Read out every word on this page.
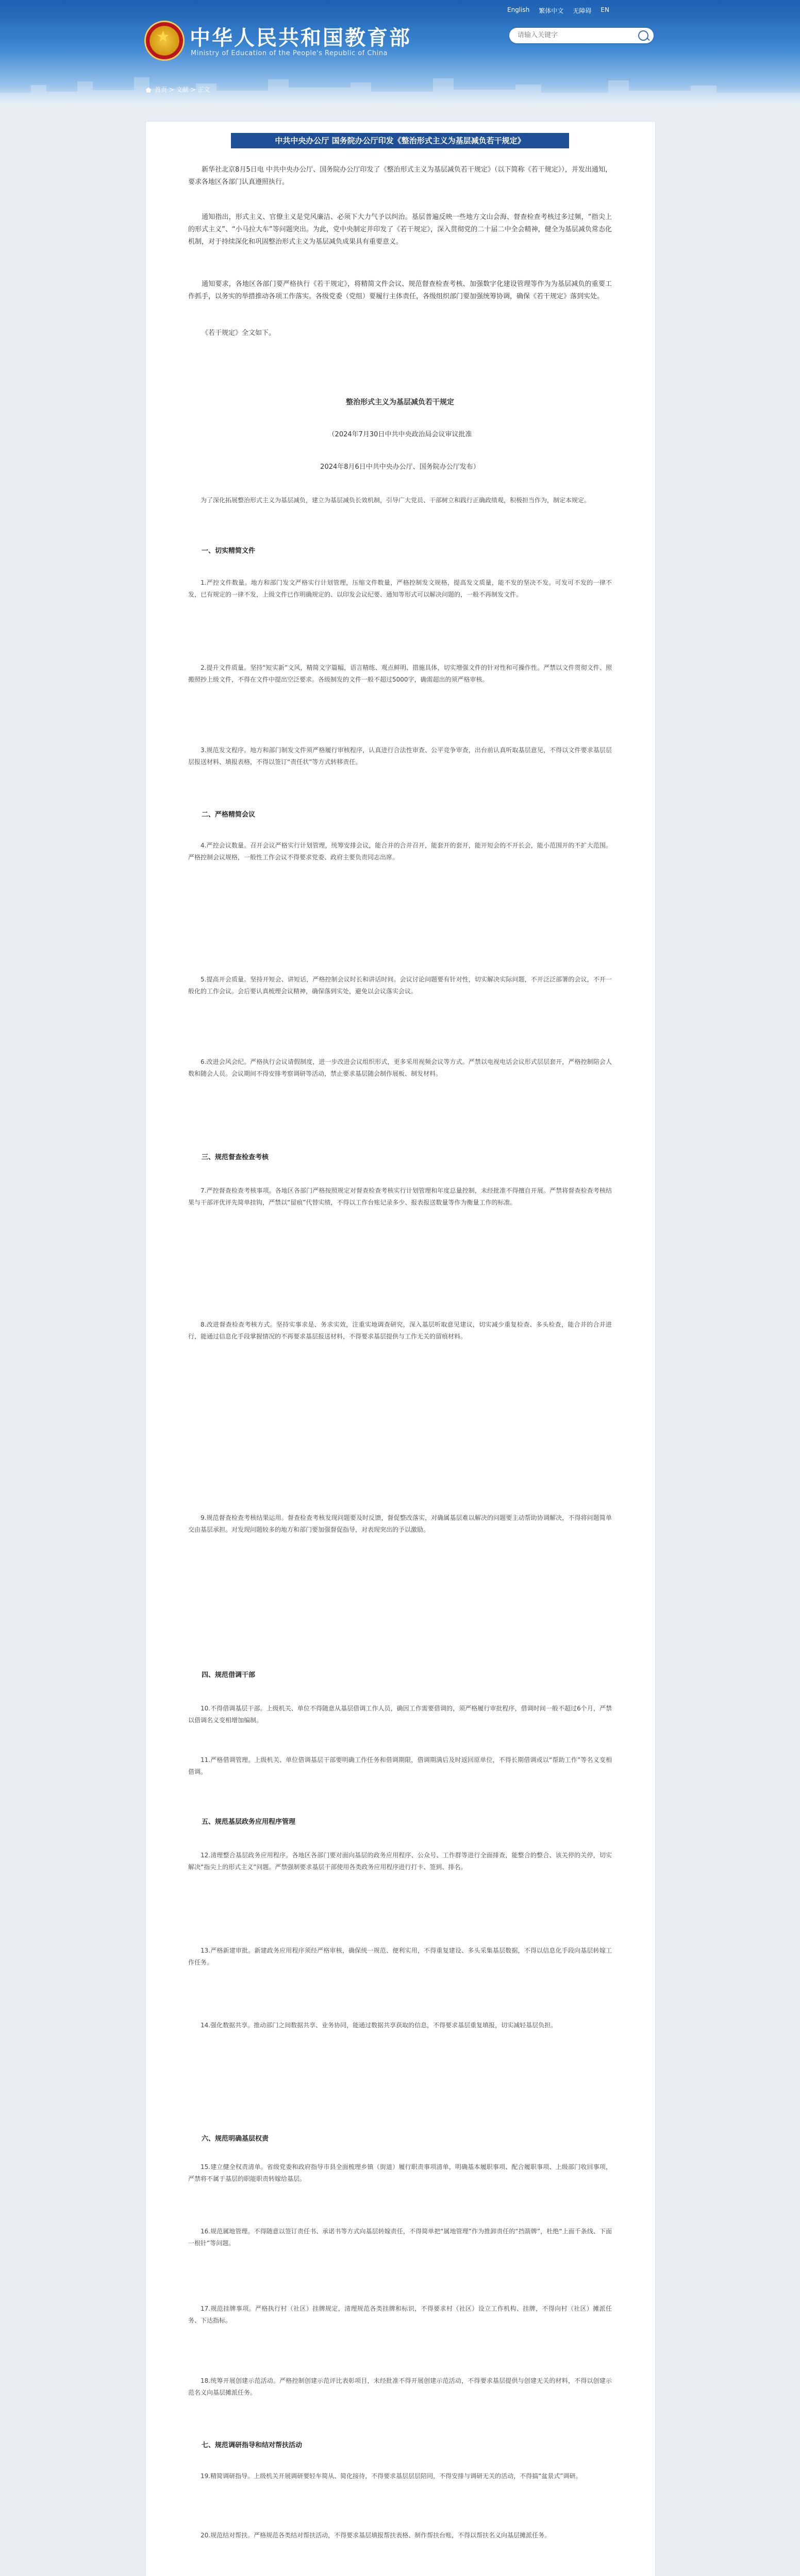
★ 中华人民共和国教育部
Ministry of Education of the People's Republic of China
English 繁体中文 无障碍 EN
请输入关键字
首页 > 文献 > 正文
中共中央办公厅 国务院办公厅印发《整治形式主义为基层减负若干规定》
新华社北京8月5日电 中共中央办公厅、国务院办公厅印发了《整治形式主义为基层减负若干规定》（以下简称《若干规定》），并发出通知，要求各地区各部门认真遵照执行。
通知指出，形式主义、官僚主义是党风廉洁、必须下大力气予以纠治。基层普遍反映一些地方文山会海、督查检查考核过多过频，“指尖上的形式主义”、“小马拉大车”等问题突出。为此，党中央制定并印发了《若干规定》，深入贯彻党的二十届二中全会精神，健全为基层减负常态化机制，对于持续深化和巩固整治形式主义为基层减负成果具有重要意义。
通知要求，各地区各部门要严格执行《若干规定》，将精简文件会议、规范督查检查考核、加强数字化建设管理等作为为基层减负的重要工作抓手，以务实的举措推动各项工作落实。各级党委（党组）要履行主体责任，各级组织部门要加强统筹协调，确保《若干规定》落到实处。
《若干规定》全文如下。
整治形式主义为基层减负若干规定
（2024年7月30日中共中央政治局会议审议批准
2024年8月6日中共中央办公厅、国务院办公厅发布）
为了深化拓展整治形式主义为基层减负，建立为基层减负长效机制，引导广大党员、干部树立和践行正确政绩观，积极担当作为，制定本规定。
一、切实精简文件
1.严控文件数量。地方和部门发文严格实行计划管理，压缩文件数量，严格控制发文规格，提高发文质量，能不发的坚决不发。可发可不发的一律不发，已有规定的一律不发，上级文件已作明确规定的、以印发会议纪要、通知等形式可以解决问题的，一般不再制发文件。
2.提升文件质量。坚持“短实新”文风，精简文字篇幅，语言精练、观点鲜明、措施具体，切实增强文件的针对性和可操作性。严禁以文件贯彻文件、照搬照抄上级文件，不得在文件中提出空泛要求。各级制发的文件一般不超过5000字，确需超出的须严格审核。
3.规范发文程序。地方和部门制发文件须严格履行审核程序，认真进行合法性审查、公平竞争审查，出台前认真听取基层意见，不得以文件要求基层层层报送材料、填报表格，不得以签订“责任状”等方式转移责任。
二、严格精简会议
4.严控会议数量。召开会议严格实行计划管理，统筹安排会议，能合并的合并召开，能套开的套开，能开短会的不开长会，能小范围开的不扩大范围。严格控制会议规格，一般性工作会议不得要求党委、政府主要负责同志出席。
5.提高开会质量。坚持开短会、讲短话，严格控制会议时长和讲话时间。会议讨论问题要有针对性，切实解决实际问题，不开泛泛部署的会议，不开一般化的工作会议。会后要认真梳理会议精神，确保落到实处，避免以会议落实会议。
6.改进会风会纪。严格执行会议请假制度，进一步改进会议组织形式，更多采用视频会议等方式。严禁以电视电话会议形式层层套开，严格控制陪会人数和随会人员。会议期间不得安排考察调研等活动，禁止要求基层随会制作展板、制发材料。
三、规范督查检查考核
7.严控督查检查考核事项。各地区各部门严格按照规定对督查检查考核实行计划管理和年度总量控制，未经批准不得擅自开展。严禁将督查检查考核结果与干部评优评先简单挂钩，严禁以“留痕”代替实绩，不得以工作台账记录多少、报表报送数量等作为衡量工作的标准。
8.改进督查检查考核方式。坚持实事求是、务求实效，注重实地调查研究，深入基层听取意见建议，切实减少重复检查、多头检查，能合并的合并进行，能通过信息化手段掌握情况的不再要求基层报送材料，不得要求基层提供与工作无关的留痕材料。
9.规范督查检查考核结果运用。督查检查考核发现问题要及时反馈，督促整改落实，对确属基层难以解决的问题要主动帮助协调解决，不得将问题简单交由基层承担。对发现问题较多的地方和部门要加强督促指导，对表现突出的予以激励。
四、规范借调干部
10.不得借调基层干部。上级机关、单位不得随意从基层借调工作人员，确因工作需要借调的，须严格履行审批程序，借调时间一般不超过6个月，严禁以借调名义变相增加编制。
11.严格借调管理。上级机关、单位借调基层干部要明确工作任务和借调期限，借调期满后及时返回原单位，不得长期借调或以“帮助工作”等名义变相借调。
五、规范基层政务应用程序管理
12.清理整合基层政务应用程序。各地区各部门要对面向基层的政务应用程序、公众号、工作群等进行全面排查，能整合的整合、该关停的关停，切实解决“指尖上的形式主义”问题。严禁强制要求基层干部使用各类政务应用程序进行打卡、签到、排名。
13.严格新建审批。新建政务应用程序须经严格审核，确保统一规范、便利实用，不得重复建设、多头采集基层数据，不得以信息化手段向基层转嫁工作任务。
14.强化数据共享。推动部门之间数据共享、业务协同，能通过数据共享获取的信息，不得要求基层重复填报，切实减轻基层负担。
六、规范明确基层权责
15.建立健全权责清单。省级党委和政府指导市县全面梳理乡镇（街道）履行职责事项清单，明确基本履职事项、配合履职事项、上级部门收回事项，严禁将不属于基层的职能职责转嫁给基层。
16.规范属地管理。不得随意以签订责任书、承诺书等方式向基层转嫁责任，不得简单把“属地管理”作为推卸责任的“挡箭牌”，杜绝“上面千条线、下面一根针”等问题。
17.规范挂牌事项。严格执行村（社区）挂牌规定，清理规范各类挂牌和标识，不得要求村（社区）设立工作机构、挂牌，不得向村（社区）摊派任务、下达指标。
18.统筹开展创建示范活动。严格控制创建示范评比表彰项目，未经批准不得开展创建示范活动，不得要求基层提供与创建无关的材料，不得以创建示范名义向基层摊派任务。
七、规范调研指导和结对帮扶活动
19.精简调研指导。上级机关开展调研要轻车简从、简化接待，不得要求基层层层陪同，不得安排与调研无关的活动，不得搞“盆景式”调研。
20.规范结对帮扶。严格规范各类结对帮扶活动，不得要求基层填报帮扶表格、制作帮扶台账，不得以帮扶名义向基层摊派任务。
